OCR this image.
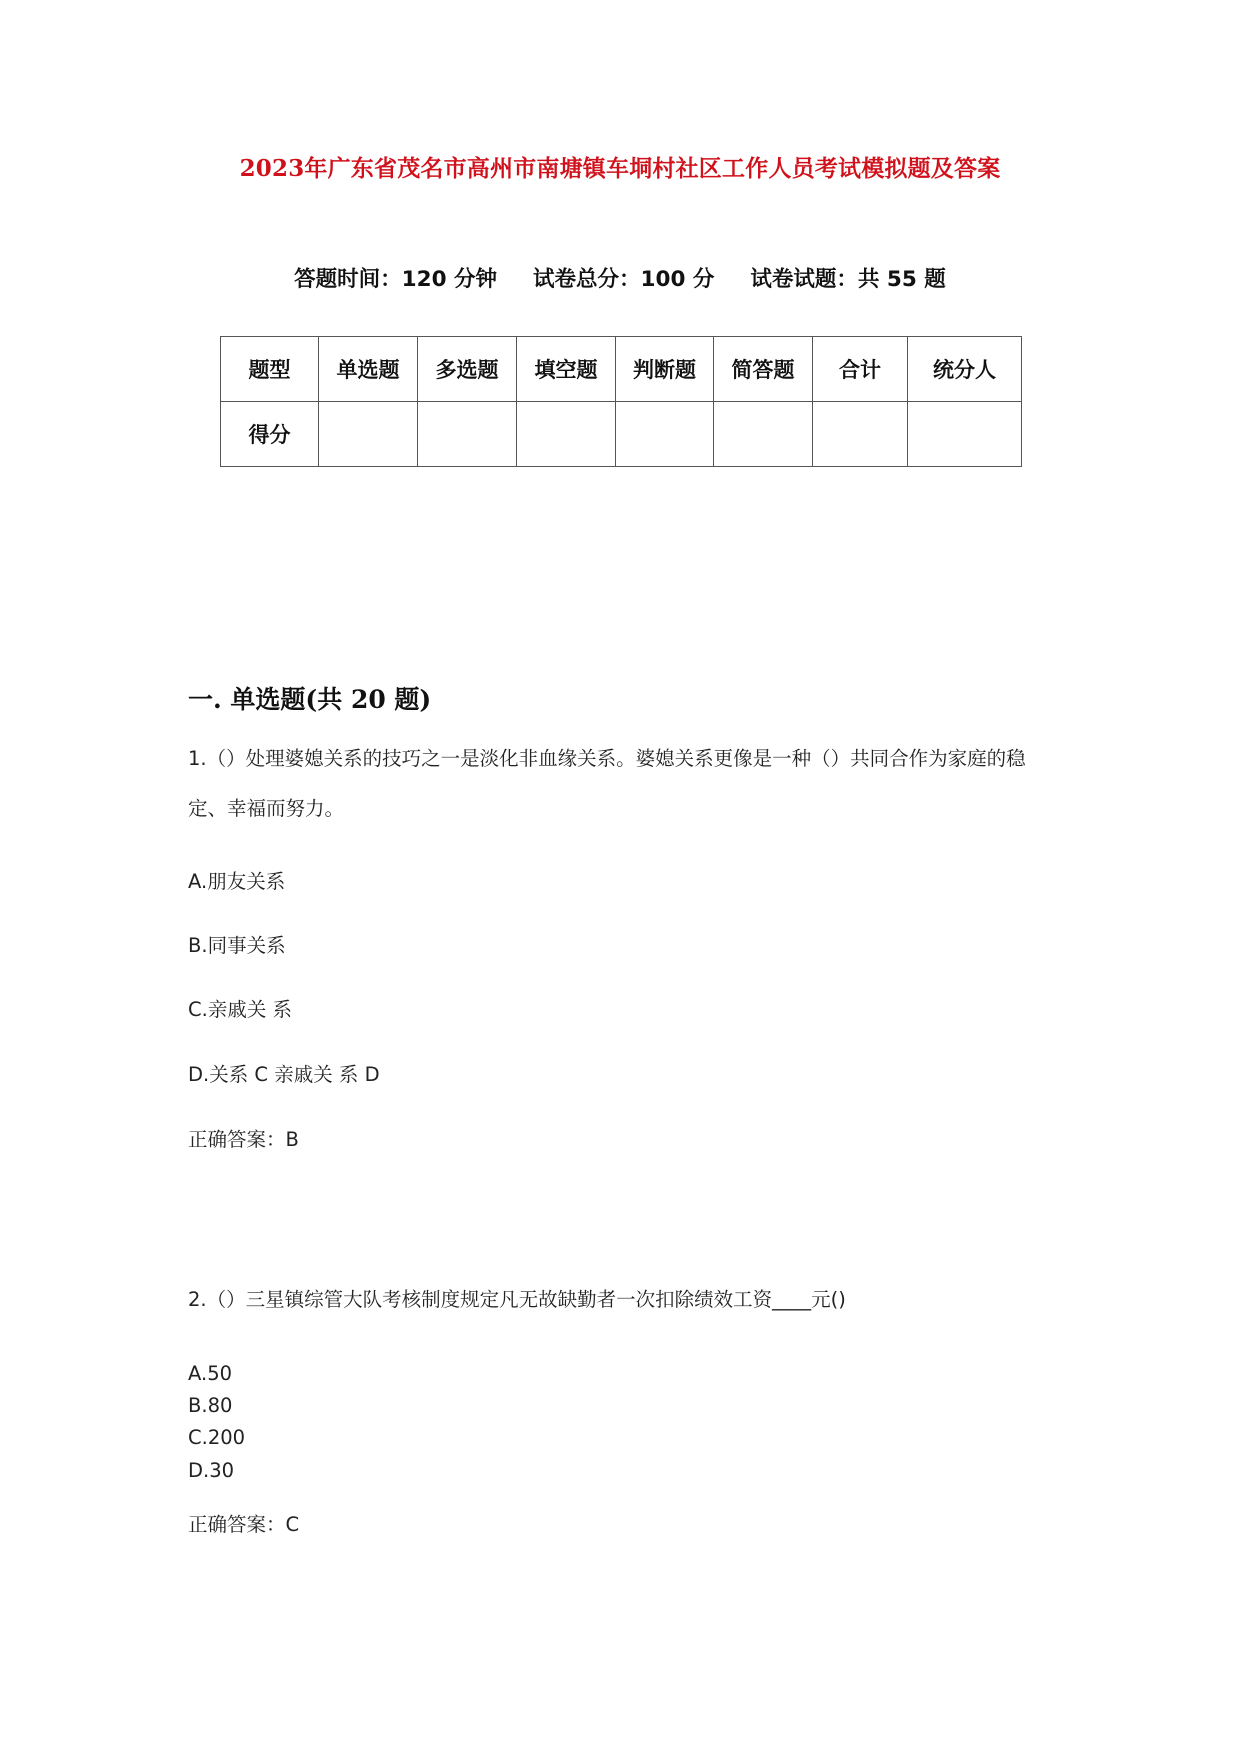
2023年广东省茂名市高州市南塘镇车垌村社区工作人员考试模拟题及答案
答题时间：120 分钟 试卷总分：100 分 试卷试题：共 55 题
题型	单选题	多选题	填空题	判断题	简答题	合计	统分人
得分							
一. 单选题(共 20 题)
1.（）处理婆媳关系的技巧之一是淡化非血缘关系。婆媳关系更像是一种（）共同合作为家庭的稳定、幸福而努力。
A.朋友关系
B.同事关系
C.亲戚关 系
D.关系 C 亲戚关 系 D
正确答案：B
2.（）三星镇综管大队考核制度规定凡无故缺勤者一次扣除绩效工资____元()
A.50
B.80
C.200
D.30
正确答案：C
